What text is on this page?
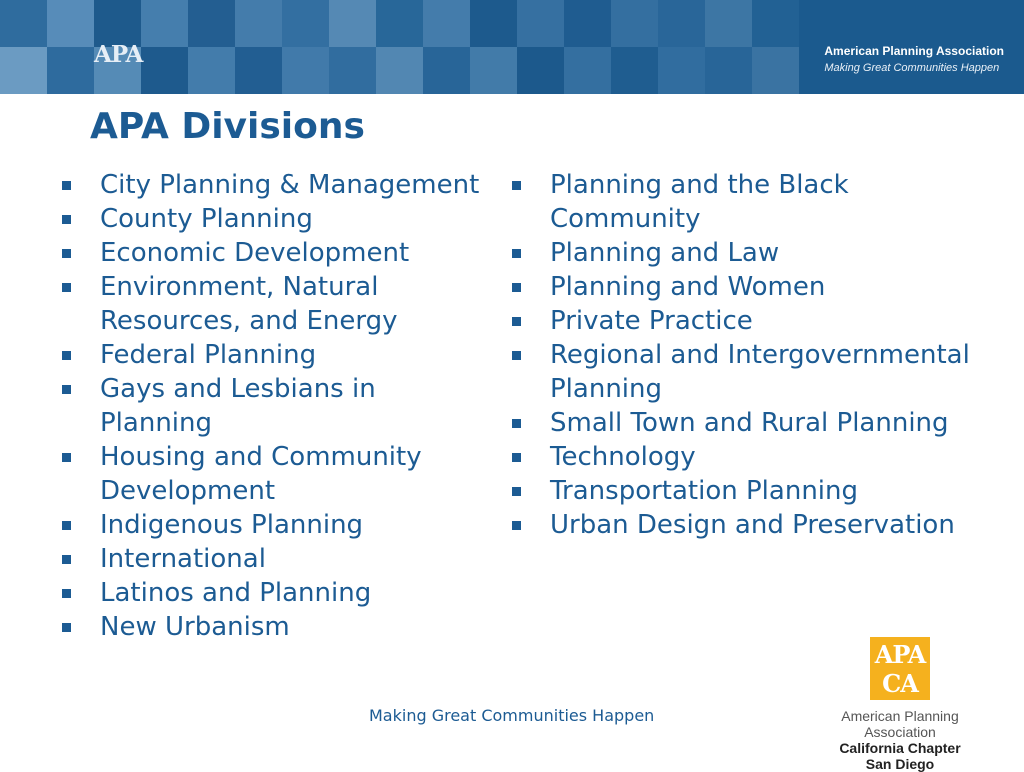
APA	American Planning Association
Making Great Communities Happen
APA Divisions
City Planning & Management
County Planning
Economic Development
Environment, Natural Resources, and Energy
Federal Planning
Gays and Lesbians in Planning
Housing and Community Development
Indigenous Planning
International
Latinos and Planning
New Urbanism
Planning and the Black Community
Planning and Law
Planning and Women
Private Practice
Regional and Intergovernmental Planning
Small Town and Rural Planning
Technology
Transportation Planning
Urban Design and Preservation
Making Great Communities Happen
APA
CA
American Planning Association
California Chapter
San Diego
